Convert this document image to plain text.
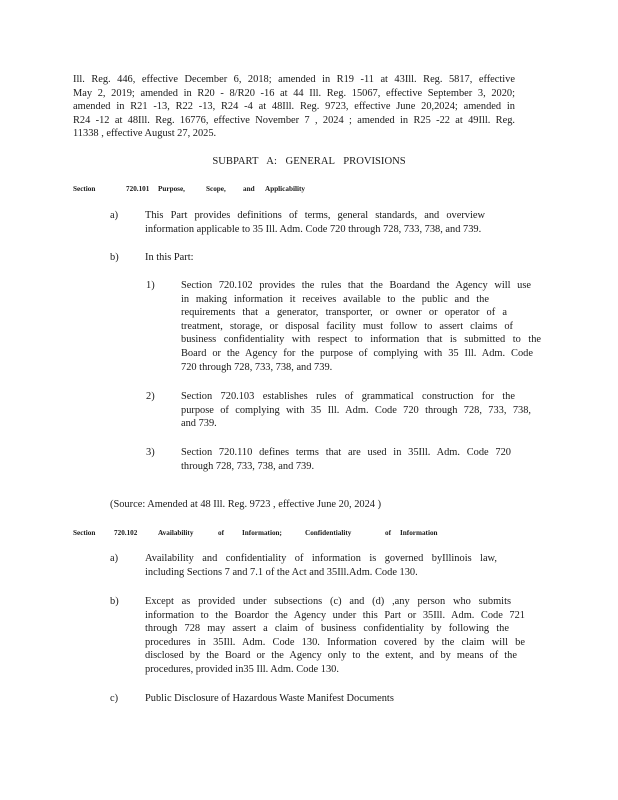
Ill. Reg. 446, effective December 6, 2018; amended in R19 -11 at 43Ill. Reg. 5817, effective
May 2, 2019; amended in R20 - 8/R20 -16 at 44 Ill. Reg. 15067, effective September 3, 2020;
amended in R21 -13, R22 -13, R24 -4 at 48Ill. Reg. 9723, effective June 20,2024; amended in
R24 -12 at 48Ill. Reg. 16776, effective November 7 , 2024 ; amended in R25 -22 at 49Ill. Reg.
11338 , effective August 27, 2025.
SUBPART A: GENERAL PROVISIONS
Section	720.101 Purpose,	Scope, and Applicability
a)	This Part provides definitions of terms, general standards, and overview
information applicable to 35 Ill. Adm. Code 720 through 728, 733, 738, and 739.
b)	In this Part:
1)	Section 720.102 provides the rules that the Boardand the Agency will use
in making information it receives available to the public and the
requirements that a generator, transporter, or owner or operator of a
treatment, storage, or disposal facility must follow to assert claims of
business confidentiality with respect to information that is submitted to the
Board or the Agency for the purpose of complying with 35 Ill. Adm. Code
720 through 728, 733, 738, and 739.
2)	Section 720.103 establishes rules of grammatical construction for the
purpose of complying with 35 Ill. Adm. Code 720 through 728, 733, 738,
and 739.
3)	Section 720.110 defines terms that are used in 35Ill. Adm. Code 720
through 728, 733, 738, and 739.
(Source: Amended at 48 Ill. Reg. 9723 , effective June 20, 2024 )
Section	720.102	Availability	of	Information;	Confidentiality	of Information
a)	Availability and confidentiality of information is governed byIllinois law,
including Sections 7 and 7.1 of the Act and 35Ill.Adm. Code 130.
b)	Except as provided under subsections (c) and (d) ,any person who submits
information to the Boardor the Agency under this Part or 35Ill. Adm. Code 721
through 728 may assert a claim of business confidentiality by following the
procedures in 35Ill. Adm. Code 130. Information covered by the claim will be
disclosed by the Board or the Agency only to the extent, and by means of the
procedures, provided in35 Ill. Adm. Code 130.
c)	Public Disclosure of Hazardous Waste Manifest Documents
